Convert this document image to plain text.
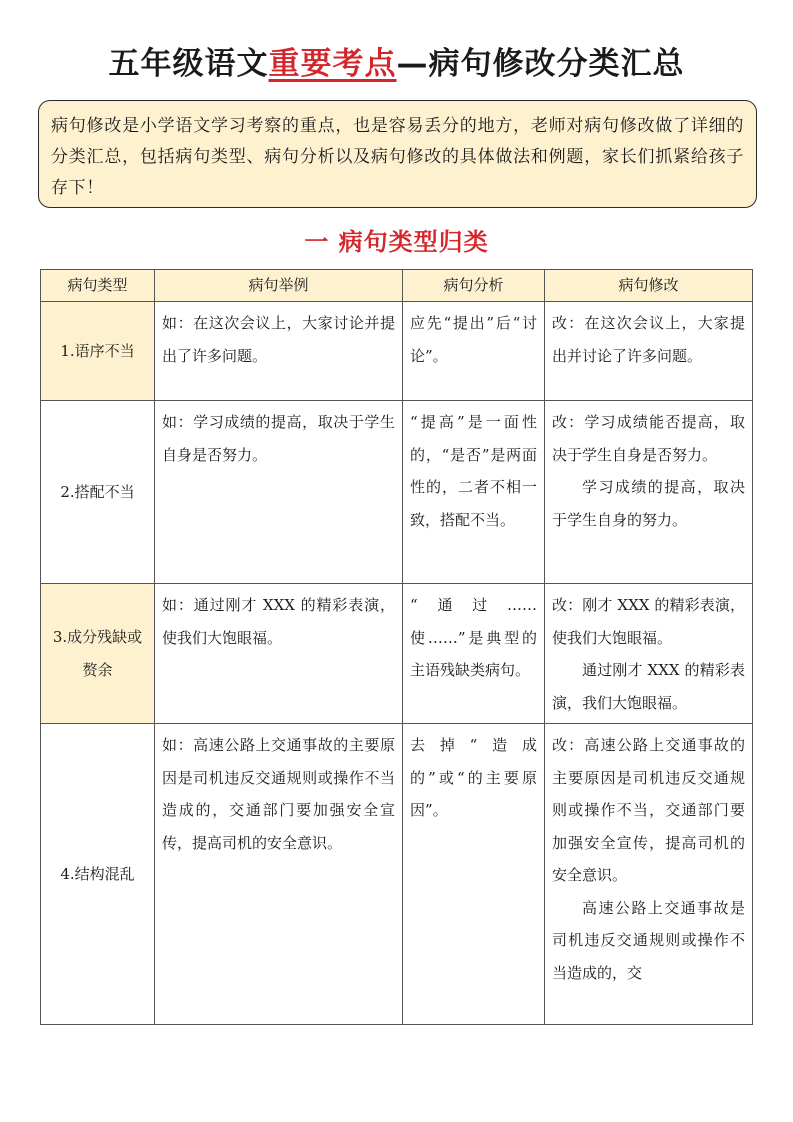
五年级语文重要考点—病句修改分类汇总
病句修改是小学语文学习考察的重点，也是容易丢分的地方，老师对病句修改做了详细的分类汇总，包括病句类型、病句分析以及病句修改的具体做法和例题，家长们抓紧给孩子存下！
一 病句类型归类
病句类型	病句举例	病句分析	病句修改
1.语序不当	如：在这次会议上，大家讨论并提出了许多问题。	应先“提出”后“讨论”。	改：在这次会议上，大家提出并讨论了许多问题。
2.搭配不当	如：学习成绩的提高，取决于学生自身是否努力。	“提高”是一面性的，“是否”是两面性的，二者不相一致，搭配不当。	改：学习成绩能否提高，取决于学生自身是否努力。
学习成绩的提高，取决于学生自身的努力。

3.成分残缺或赘余	如：通过刚才 XXX 的精彩表演，使我们大饱眼福。	“通过……使……”是典型的主语残缺类病句。	改：刚才 XXX 的精彩表演，使我们大饱眼福。
通过刚才 XXX 的精彩表演，我们大饱眼福。

4.结构混乱	如：高速公路上交通事故的主要原因是司机违反交通规则或操作不当造成的，交通部门要加强安全宣传，提高司机的安全意识。	去掉“造成的”或“的主要原因”。	改：高速公路上交通事故的主要原因是司机违反交通规则或操作不当，交通部门要加强安全宣传，提高司机的安全意识。
高速公路上交通事故是司机违反交通规则或操作不当造成的，交
